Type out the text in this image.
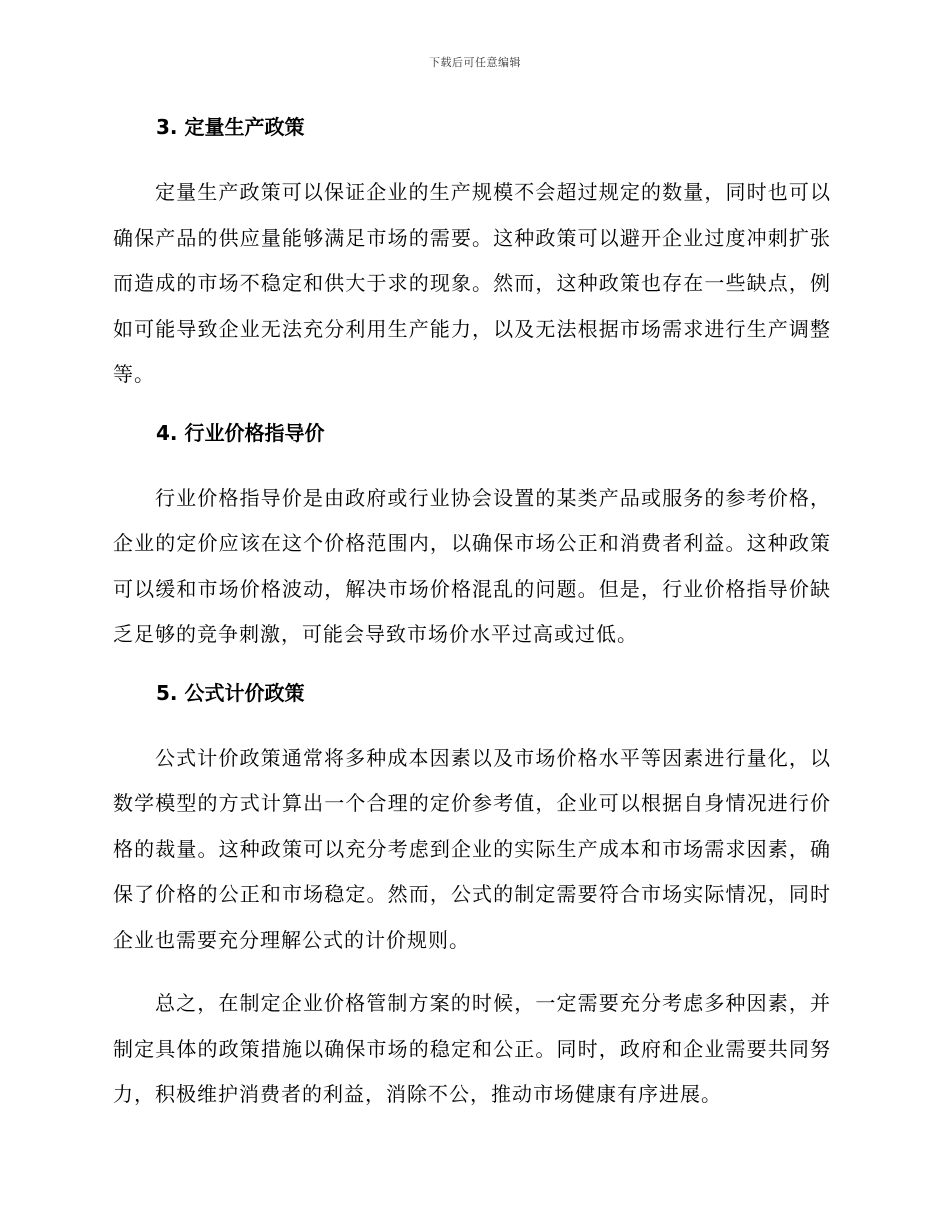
下载后可任意编辑
3. 定量生产政策

定量生产政策可以保证企业的生产规模不会超过规定的数量，同时也可以确保产品的供应量能够满足市场的需要。这种政策可以避开企业过度冲刺扩张而造成的市场不稳定和供大于求的现象。然而，这种政策也存在一些缺点，例如可能导致企业无法充分利用生产能力，以及无法根据市场需求进行生产调整等。

4. 行业价格指导价

行业价格指导价是由政府或行业协会设置的某类产品或服务的参考价格，企业的定价应该在这个价格范围内，以确保市场公正和消费者利益。这种政策可以缓和市场价格波动，解决市场价格混乱的问题。但是，行业价格指导价缺乏足够的竞争刺激，可能会导致市场价水平过高或过低。

5. 公式计价政策

公式计价政策通常将多种成本因素以及市场价格水平等因素进行量化，以数学模型的方式计算出一个合理的定价参考值，企业可以根据自身情况进行价格的裁量。这种政策可以充分考虑到企业的实际生产成本和市场需求因素，确保了价格的公正和市场稳定。然而，公式的制定需要符合市场实际情况，同时企业也需要充分理解公式的计价规则。

总之，在制定企业价格管制方案的时候，一定需要充分考虑多种因素，并制定具体的政策措施以确保市场的稳定和公正。同时，政府和企业需要共同努力，积极维护消费者的利益，消除不公，推动市场健康有序进展。
